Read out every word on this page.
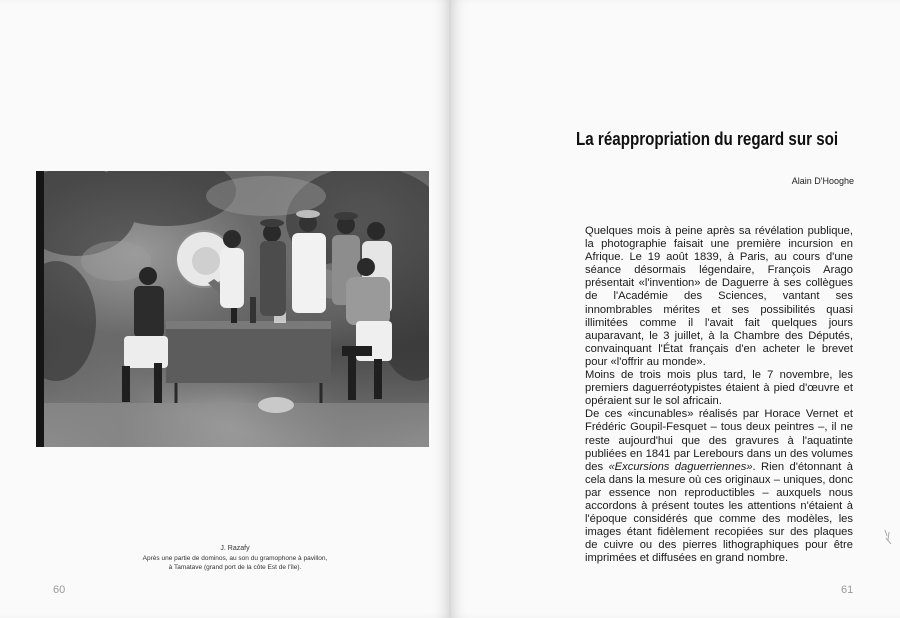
J. Razafy
Après une partie de dominos, au son du gramophone à pavillon,
à Tamatave (grand port de la côte Est de l'île).
60
La réappropriation du regard sur soi
Alain D'Hooghe

Quelques mois à peine après sa révélation publique, la photographie faisait une première incursion en Afrique. Le 19 août 1839, à Paris, au cours d'une séance désormais légendaire, François Arago présentait «l'invention» de Daguerre à ses collègues de l'Académie des Sciences, vantant ses innombrables mérites et ses possibilités quasi illimitées comme il l'avait fait quelques jours auparavant, le 3 juillet, à la Chambre des Députés, convainquant l'État français d'en acheter le brevet pour «l'offrir au monde».

Moins de trois mois plus tard, le 7 novembre, les premiers daguerréotypistes étaient à pied d'œuvre et opéraient sur le sol africain.

De ces «incunables» réalisés par Horace Vernet et Frédéric Goupil-Fesquet – tous deux peintres –, il ne reste aujourd'hui que des gravures à l'aquatinte publiées en 1841 par Lerebours dans un des volumes des «Excursions daguerriennes». Rien d'étonnant à cela dans la mesure où ces originaux – uniques, donc par essence non reproductibles – auxquels nous accordons à présent toutes les attentions n'étaient à l'époque considérés que comme des modèles, les images étant fidèlement recopiées sur des plaques de cuivre ou des pierres lithographiques pour être imprimées et diffusées en grand nombre.

61
